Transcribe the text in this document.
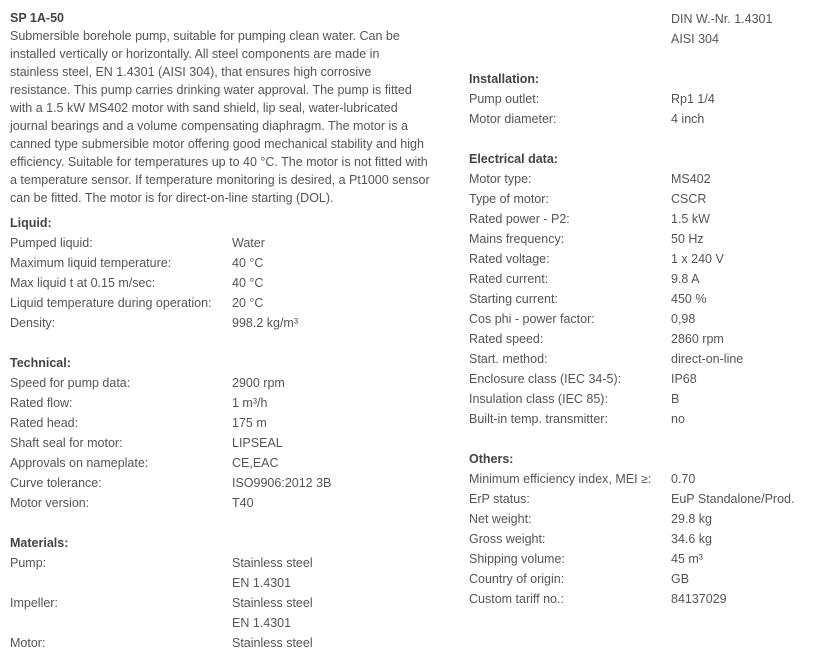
SP 1A-50
Submersible borehole pump, suitable for pumping clean water. Can be
installed vertically or horizontally. All steel components are made in
stainless steel, EN 1.4301 (AISI 304), that ensures high corrosive
resistance. This pump carries drinking water approval. The pump is fitted
with a 1.5 kW MS402 motor with sand shield, lip seal, water-lubricated
journal bearings and a volume compensating diaphragm. The motor is a
canned type submersible motor offering good mechanical stability and high
efficiency. Suitable for temperatures up to 40 °C. The motor is not fitted with
a temperature sensor. If temperature monitoring is desired, a Pt1000 sensor
can be fitted. The motor is for direct-on-line starting (DOL).
Liquid:
Pumped liquid:	Water
Maximum liquid temperature:	40 °C
Max liquid t at 0.15 m/sec:	40 °C
Liquid temperature during operation:	20 °C
Density:	998.2 kg/m³
Technical:
Speed for pump data:	2900 rpm
Rated flow:	1 m³/h
Rated head:	175 m
Shaft seal for motor:	LIPSEAL
Approvals on nameplate:	CE,EAC
Curve tolerance:	ISO9906:2012 3B
Motor version:	T40
Materials:
Pump:	Stainless steel
EN 1.4301
Impeller:	Stainless steel
EN 1.4301
Motor:	Stainless steel
DIN W.-Nr. 1.4301
AISI 304
Installation:
Pump outlet:	Rp1 1/4
Motor diameter:	4 inch
Electrical data:
Motor type:	MS402
Type of motor:	CSCR
Rated power - P2:	1.5 kW
Mains frequency:	50 Hz
Rated voltage:	1 x 240 V
Rated current:	9.8 A
Starting current:	450 %
Cos phi - power factor:	0,98
Rated speed:	2860 rpm
Start. method:	direct-on-line
Enclosure class (IEC 34-5):	IP68
Insulation class (IEC 85):	B
Built-in temp. transmitter:	no
Others:
Minimum efficiency index, MEI ≥:	0.70
ErP status:	EuP Standalone/Prod.
Net weight:	29.8 kg
Gross weight:	34.6 kg
Shipping volume:	45 m³
Country of origin:	GB
Custom tariff no.:	84137029
